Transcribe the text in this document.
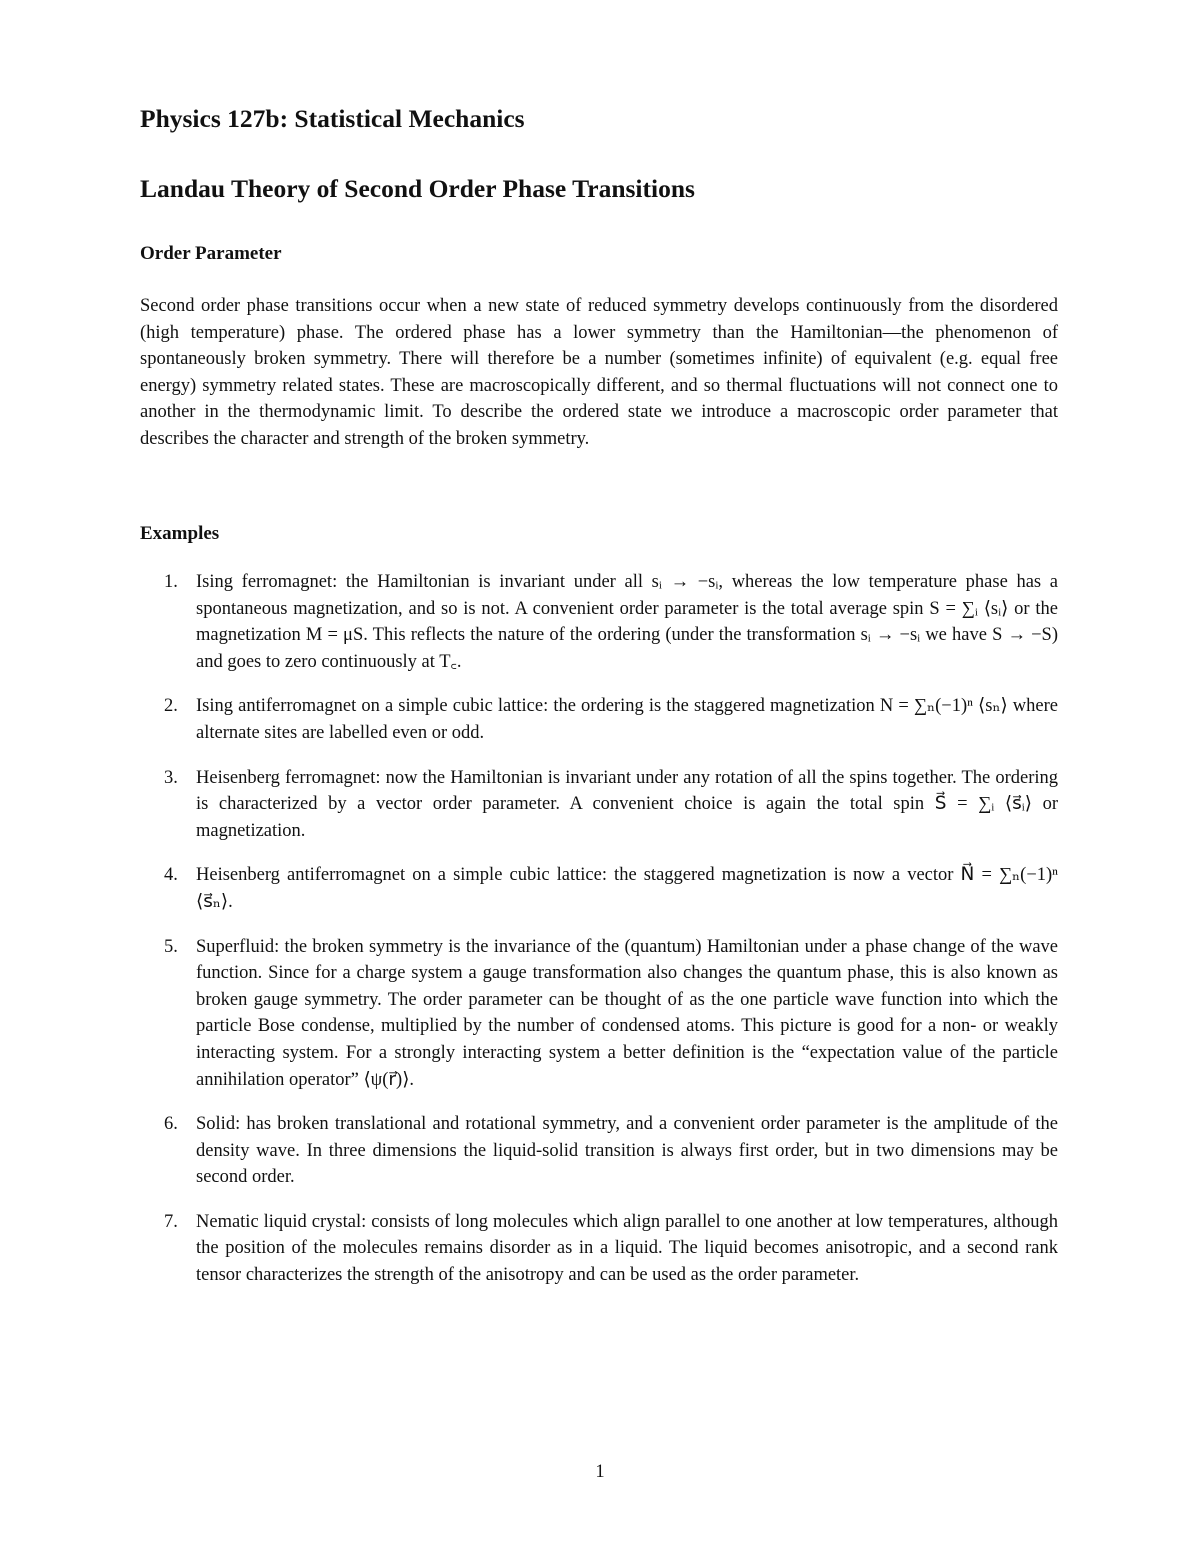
Physics 127b: Statistical Mechanics
Landau Theory of Second Order Phase Transitions
Order Parameter

Second order phase transitions occur when a new state of reduced symmetry develops continuously from the disordered (high temperature) phase. The ordered phase has a lower symmetry than the Hamiltonian—the phenomenon of spontaneously broken symmetry. There will therefore be a number (sometimes infinite) of equivalent (e.g. equal free energy) symmetry related states. These are macroscopically different, and so thermal fluctuations will not connect one to another in the thermodynamic limit. To describe the ordered state we introduce a macroscopic order parameter that describes the character and strength of the broken symmetry.

Examples
1. Ising ferromagnet: the Hamiltonian is invariant under all sᵢ → −sᵢ, whereas the low temperature phase has a spontaneous magnetization, and so is not. A convenient order parameter is the total average spin S = ∑ᵢ ⟨sᵢ⟩ or the magnetization M = μS. This reflects the nature of the ordering (under the transformation sᵢ → −sᵢ we have S → −S) and goes to zero continuously at T꜀.
2. Ising antiferromagnet on a simple cubic lattice: the ordering is the staggered magnetization N = ∑ₙ(−1)ⁿ ⟨sₙ⟩ where alternate sites are labelled even or odd.
3. Heisenberg ferromagnet: now the Hamiltonian is invariant under any rotation of all the spins together. The ordering is characterized by a vector order parameter. A convenient choice is again the total spin S⃗ = ∑ᵢ ⟨s⃗ᵢ⟩ or magnetization.
4. Heisenberg antiferromagnet on a simple cubic lattice: the staggered magnetization is now a vector N⃗ = ∑ₙ(−1)ⁿ ⟨s⃗ₙ⟩.
5. Superfluid: the broken symmetry is the invariance of the (quantum) Hamiltonian under a phase change of the wave function. Since for a charge system a gauge transformation also changes the quantum phase, this is also known as broken gauge symmetry. The order parameter can be thought of as the one particle wave function into which the particle Bose condense, multiplied by the number of condensed atoms. This picture is good for a non- or weakly interacting system. For a strongly interacting system a better definition is the “expectation value of the particle annihilation operator” ⟨ψ(r⃗)⟩.
6. Solid: has broken translational and rotational symmetry, and a convenient order parameter is the amplitude of the density wave. In three dimensions the liquid-solid transition is always first order, but in two dimensions may be second order.
7. Nematic liquid crystal: consists of long molecules which align parallel to one another at low temperatures, although the position of the molecules remains disorder as in a liquid. The liquid becomes anisotropic, and a second rank tensor characterizes the strength of the anisotropy and can be used as the order parameter.

1
